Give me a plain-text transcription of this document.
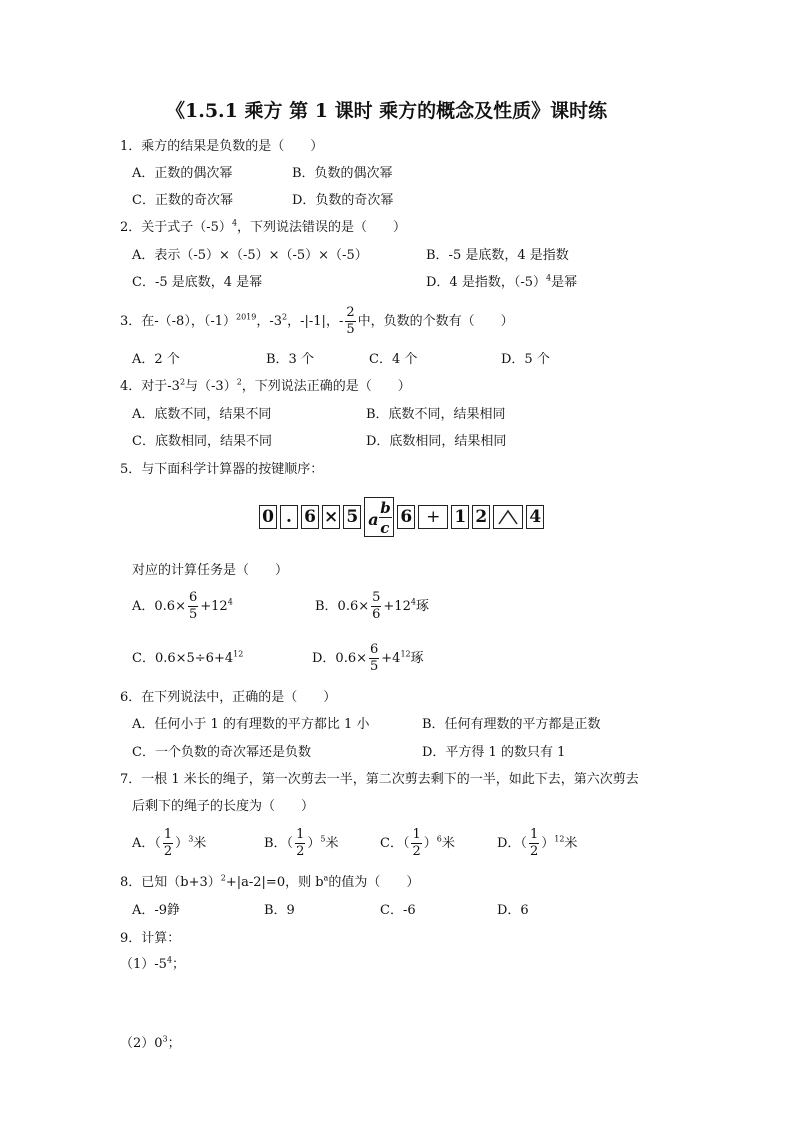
《1.5.1 乘方 第 1 课时 乘方的概念及性质》课时练
1．乘方的结果是负数的是（　　）
A．正数的偶次幂	B．负数的偶次幂
C．正数的奇次幂	D．负数的奇次幂
2．关于式子$(-5)^4$，下列说法错误的是（　　）
A．表示（-5）×（-5）×（-5）×（-5）	B．-5 是底数，4 是指数
C．-5 是底数，4 是幂	D．4 是指数，$(-5)^4$是幂
3．在-（-8），$(-1)^{2019}$，$-3^2$，-|-1|，- $\frac{2}{5}$ 中，负数的个数有（　　）
A．2 个	B．3 个	C．4 个	D．5 个
4．对于$-3^2$与$(-3)^2$，下列说法正确的是（　　）
A．底数不同，结果不同	B．底数不同，结果相同
C．底数相同，结果不同	D．底数相同，结果相同
5．与下面科学计算器的按键顺序：
0 . 6 × 5 a
b
c
6 + 1 2 4
对应的计算任务是（　　）
A．$0.6\times \frac{6}{5} +12^4$	B．$0.6\times \frac{5}{6} +12^4$琢
C．$0.6\times 5\div 6+4^{12}$	D．$0.6\times \frac{6}{5} +4^{12}$琢
6．在下列说法中，正确的是（　　）
A．任何小于 1 的有理数的平方都比 1 小	B．任何有理数的平方都是正数
C．一个负数的奇次幂还是负数	D．平方得 1 的数只有 1
7．一根 1 米长的绳子，第一次剪去一半，第二次剪去剩下的一半，如此下去，第六次剪去
后剩下的绳子的长度为（　　）
A．（ $\frac{1}{2} )^3$米	B．（ $\frac{1}{2} )^5$米	C．（ $\frac{1}{2} )^6$米	D．（ $\frac{1}{2} )^{12}$米
8．已知$(b+3)^2+|a-2|=0$，则 $b^a$的值为（　　）
A．-9錚	B．9	C．-6	D．6
9．计算：
$(1)-5^4$；
$(2)0^3$；
